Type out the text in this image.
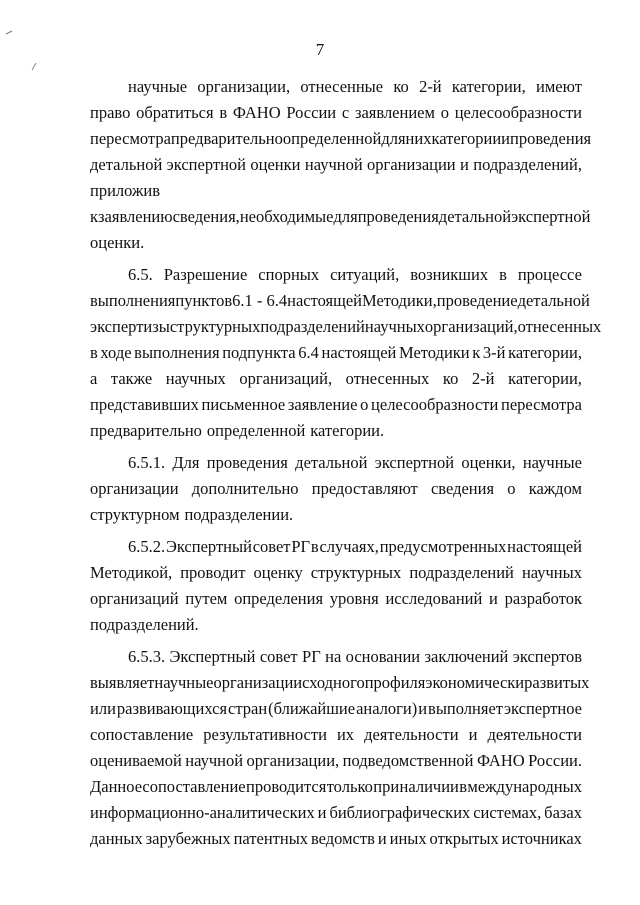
7
научные организации, отнесенные ко 2-й категории, имеют
право обратиться в ФАНО России с заявлением о целесообразности
пересмотра предварительно определенной для них категории и проведения
детальной экспертной оценки научной организации и подразделений,
приложив
к заявлению сведения, необходимые для проведения детальной экспертной
оценки.
6.5. Разрешение спорных ситуаций, возникших в процессе
выполнения пунктов 6.1 - 6.4 настоящей Методики, проведение детальной
экспертизы структурных подразделений научных организаций, отнесенных
в ходе выполнения подпункта 6.4 настоящей Методики к 3-й категории,
а также научных организаций, отнесенных ко 2-й категории,
представивших письменное заявление о целесообразности пересмотра
предварительно определенной категории.
6.5.1. Для проведения детальной экспертной оценки, научные
организации дополнительно предоставляют сведения о каждом
структурном подразделении.
6.5.2. Экспертный совет РГ в случаях, предусмотренных настоящей
Методикой, проводит оценку структурных подразделений научных
организаций путем определения уровня исследований и разработок
подразделений.
6.5.3. Экспертный совет РГ на основании заключений экспертов
выявляет научные организации сходного профиля экономически развитых
или развивающихся стран (ближайшие аналоги) и выполняет экспертное
сопоставление результативности их деятельности и деятельности
оцениваемой научной организации, подведомственной ФАНО России.
Данное сопоставление проводится только при наличии в международных
информационно-аналитических и библиографических системах, базах
данных зарубежных патентных ведомств и иных открытых источниках
